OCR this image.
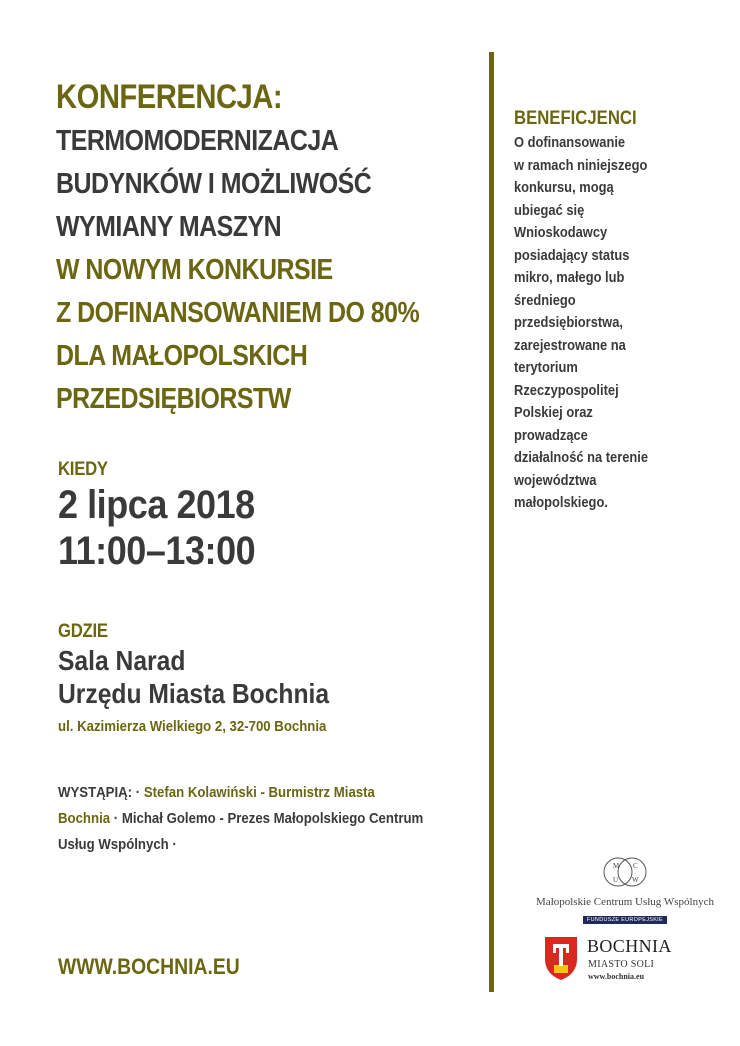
KONFERENCJA:
TERMOMODERNIZACJA
BUDYNKÓW I MOŻLIWOŚĆ
WYMIANY MASZYN
W NOWYM KONKURSIE
Z DOFINANSOWANIEM DO 80%
DLA MAŁOPOLSKICH
PRZEDSIĘBIORSTW
KIEDY
2 lipca 2018
11:00–13:00
GDZIE
Sala Narad
Urzędu Miasta Bochnia
ul. Kazimierza Wielkiego 2, 32-700 Bochnia
WYSTĄPIĄ: · Stefan Kolawiński - Burmistrz Miasta Bochnia · Michał Golemo - Prezes Małopolskiego Centrum Usług Wspólnych ·
WWW.BOCHNIA.EU
BENEFICJENCI
O dofinansowanie
w ramach niniejszego
konkursu, mogą
ubiegać się
Wnioskodawcy
posiadający status
mikro, małego lub
średniego
przedsiębiorstwa,
zarejestrowane na
terytorium
Rzeczypospolitej
Polskiej oraz
prowadzące
działalność na terenie
województwa
małopolskiego.
M C
U W
Małopolskie Centrum Usług Wspólnych
FUNDUSZE EUROPEJSKIE
BOCHNIA
MIASTO SOLI
www.bochnia.eu
